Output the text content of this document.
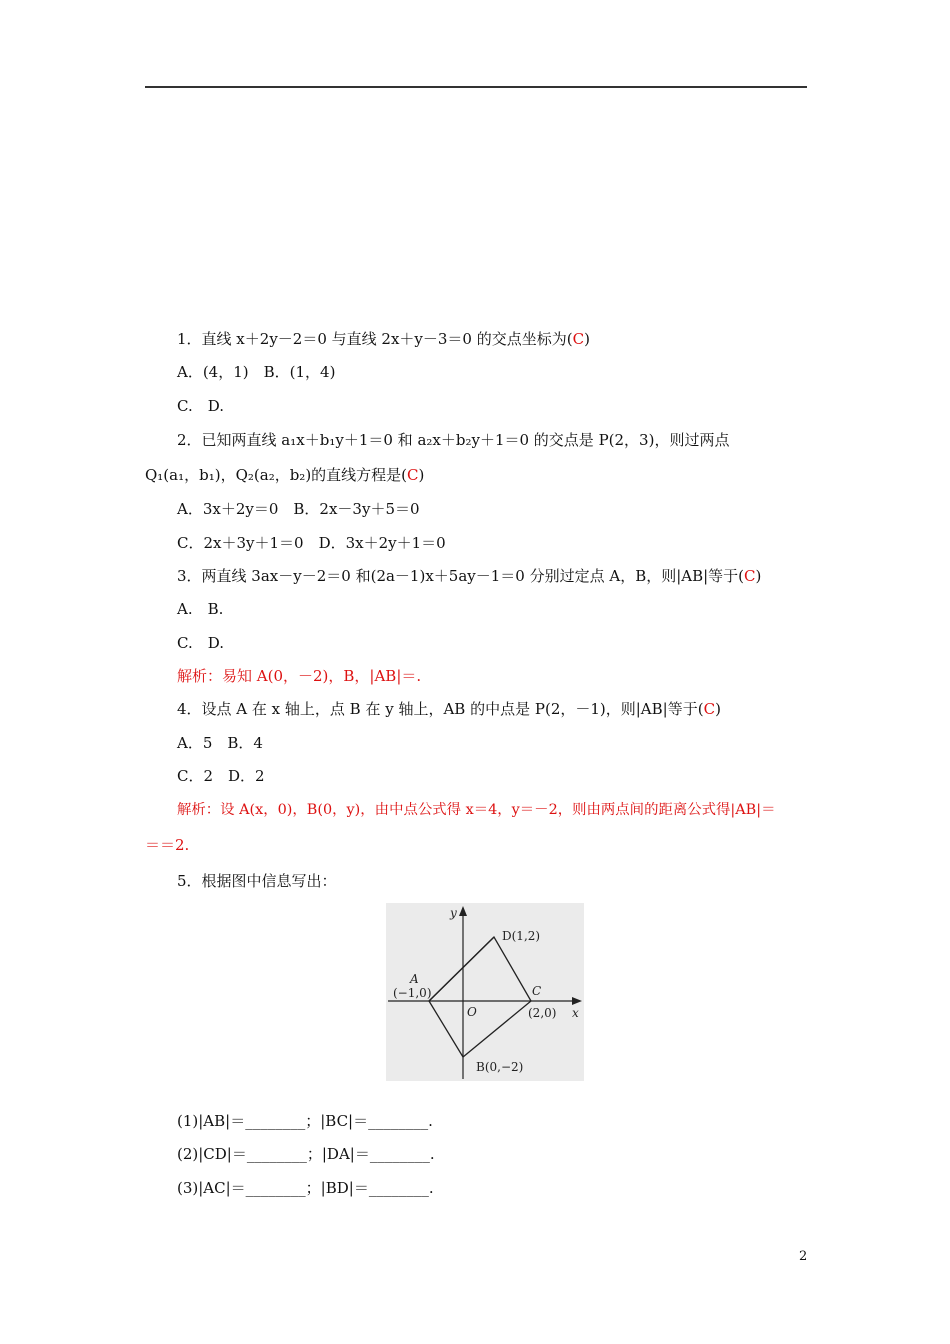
1．直线 x＋2y－2＝0 与直线 2x＋y－3＝0 的交点坐标为(C)
A．(4，1)　B．(1，4)
C.　D.
2．已知两直线 a₁x＋b₁y＋1＝0 和 a₂x＋b₂y＋1＝0 的交点是 P(2，3)，则过两点
Q₁(a₁，b₁)，Q₂(a₂，b₂)的直线方程是(C)
A．3x＋2y＝0　B．2x－3y＋5＝0
C．2x＋3y＋1＝0　D．3x＋2y＋1＝0
3．两直线 3ax－y－2＝0 和(2a－1)x＋5ay－1＝0 分别过定点 A，B，则|AB|等于(C)
A.　B.
C.　D.
解析：易知 A(0，－2)，B，|AB|＝.
4．设点 A 在 x 轴上，点 B 在 y 轴上，AB 的中点是 P(2，－1)，则|AB|等于(C)
A．5　B．4
C．2　D．2
解析：设 A(x，0)，B(0，y)，由中点公式得 x＝4，y＝－2，则由两点间的距离公式得|AB|＝
＝＝2.
5．根据图中信息写出：
y
x
O
D(1,2)
A
(−1,0)	C
(2,0)
B(0,−2)
(1)|AB|＝________；|BC|＝________.
(2)|CD|＝________；|DA|＝________.
(3)|AC|＝________；|BD|＝________.
2
